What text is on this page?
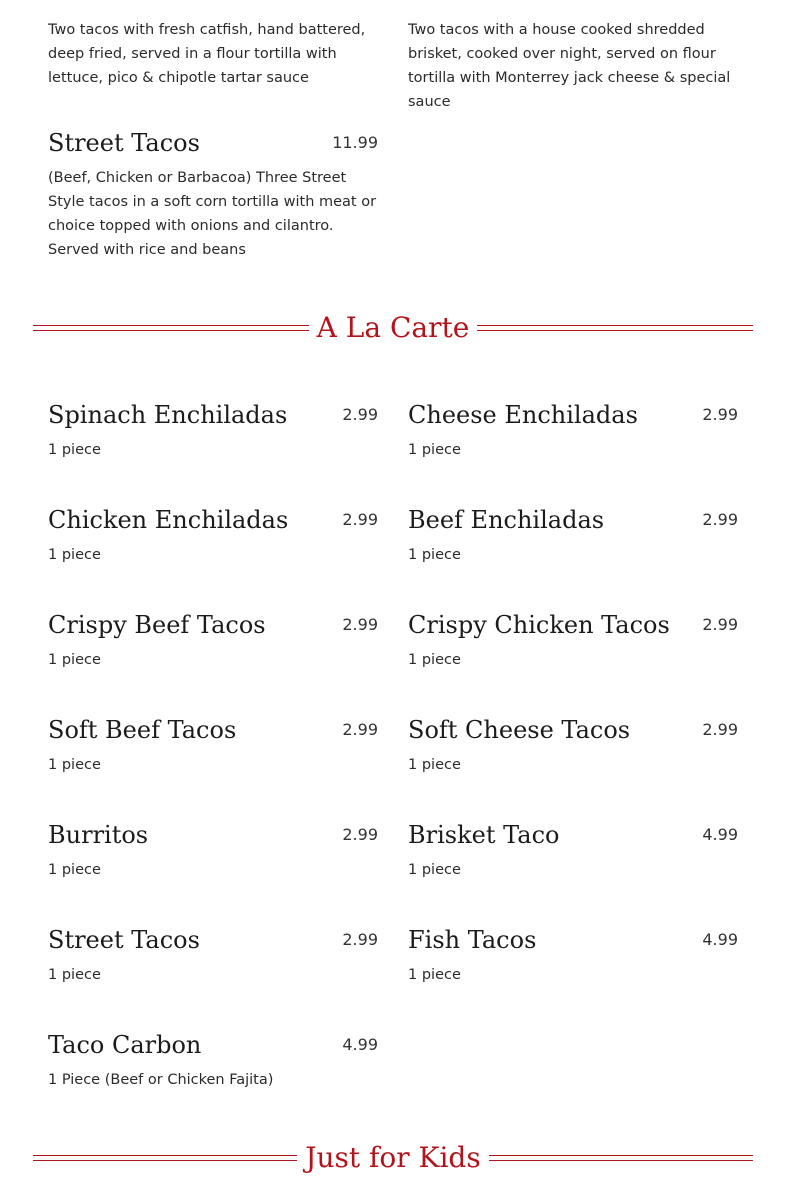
Two tacos with fresh catfish, hand battered, deep fried, served in a flour tortilla with lettuce, pico & chipotle tartar sauce
Two tacos with a house cooked shredded brisket, cooked over night, served on flour tortilla with Monterrey jack cheese & special sauce
Street Tacos	11.99
(Beef, Chicken or Barbacoa) Three Street Style tacos in a soft corn tortilla with meat or choice topped with onions and cilantro.
Served with rice and beans
A La Carte
Spinach Enchiladas	2.99
1 piece
Chicken Enchiladas	2.99
1 piece
Crispy Beef Tacos	2.99
1 piece
Soft Beef Tacos	2.99
1 piece
Burritos	2.99
1 piece
Street Tacos	2.99
1 piece
Taco Carbon	4.99
1 Piece (Beef or Chicken Fajita)
Cheese Enchiladas	2.99
1 piece
Beef Enchiladas	2.99
1 piece
Crispy Chicken Tacos 2.99
1 piece
Soft Cheese Tacos	2.99
1 piece
Brisket Taco	4.99
1 piece
Fish Tacos	4.99
1 piece
Just for Kids
